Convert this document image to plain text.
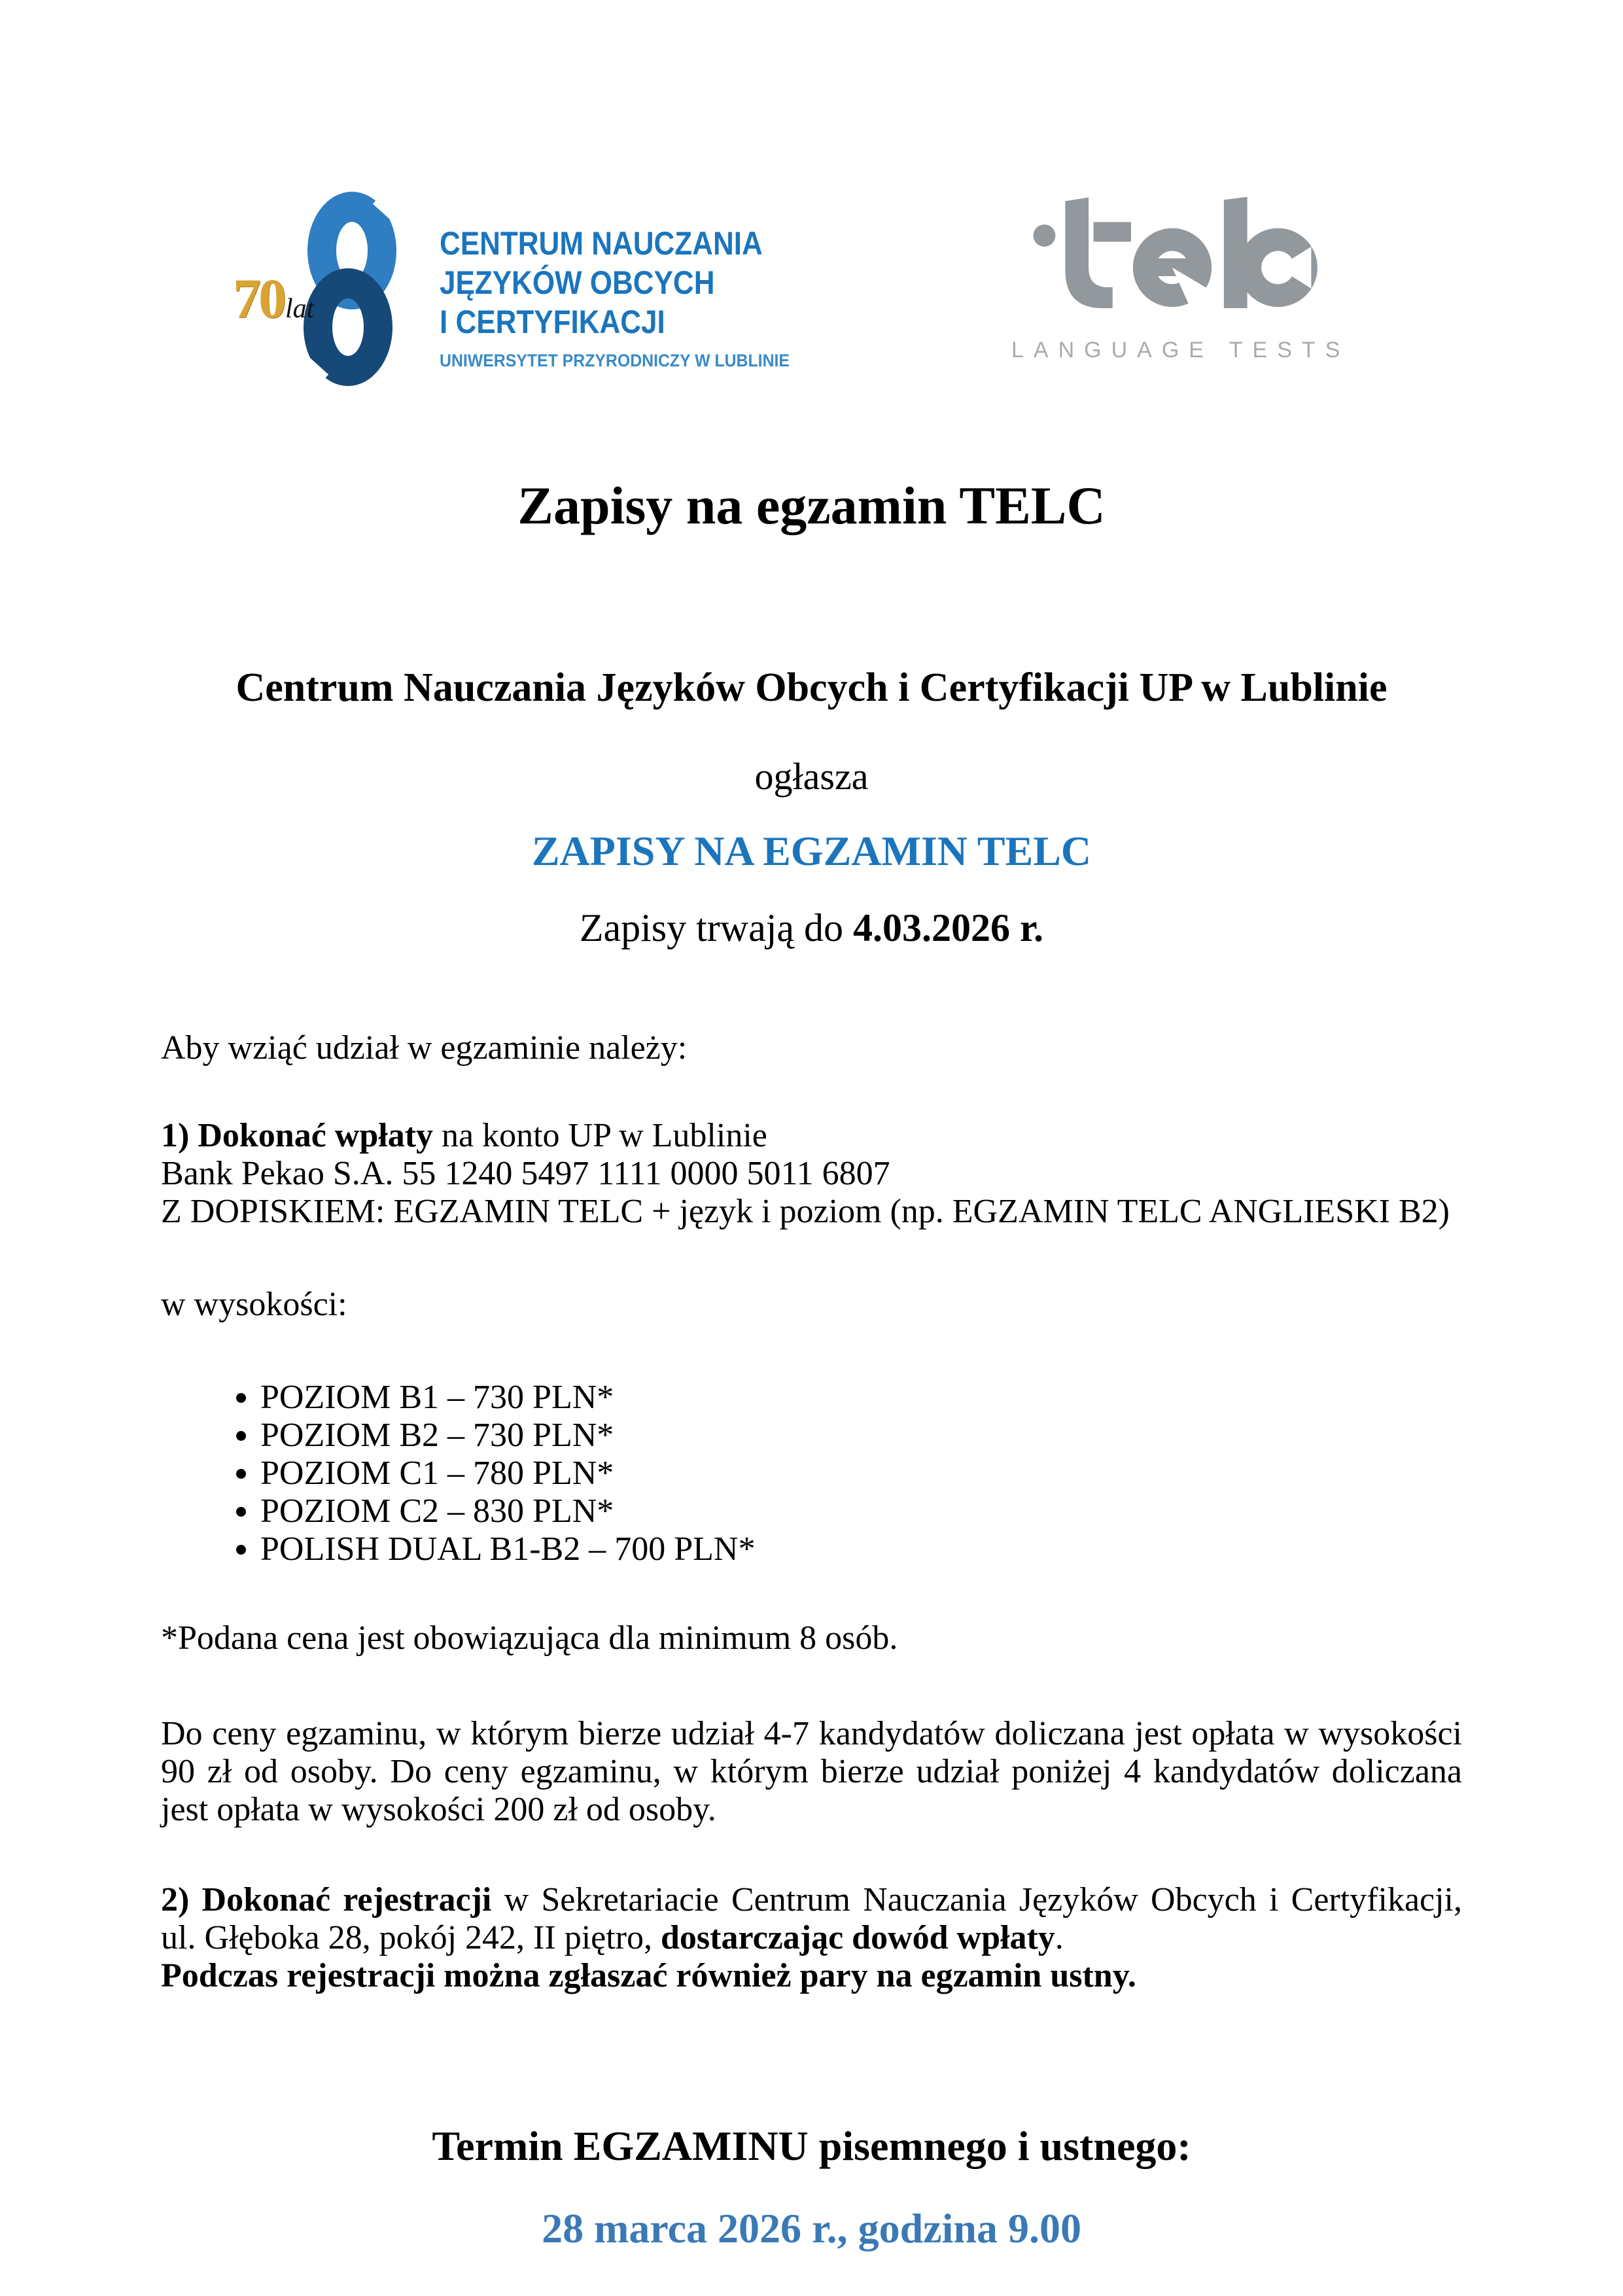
70 lat
CENTRUM NAUCZANIA
JĘZYKÓW OBCYCH
I CERTYFIKACJI
UNIWERSYTET PRZYRODNICZY W LUBLINIE	LANGUAGE TESTS
Zapisy na egzamin TELC
Centrum Nauczania Języków Obcych i Certyfikacji UP w Lublinie
ogłasza
ZAPISY NA EGZAMIN TELC
Zapisy trwają do 4.03.2026 r.

Aby wziąć udział w egzaminie należy:

1) Dokonać wpłaty na konto UP w Lublinie

Bank Pekao S.A. 55 1240 5497 1111 0000 5011 6807

Z DOPISKIEM: EGZAMIN TELC + język i poziom (np. EGZAMIN TELC ANGLIESKI B2)

w wysokości:

• POZIOM B1 – 730 PLN*
• POZIOM B2 – 730 PLN*
• POZIOM C1 – 780 PLN*
• POZIOM C2 – 830 PLN*
• POLISH DUAL B1-B2 – 700 PLN*

*Podana cena jest obowiązująca dla minimum 8 osób.

Do ceny egzaminu, w którym bierze udział 4-7 kandydatów doliczana jest opłata w wysokości 90 zł od osoby. Do ceny egzaminu, w którym bierze udział poniżej 4 kandydatów doliczana jest opłata w wysokości 200 zł od osoby.

2) Dokonać rejestracji w Sekretariacie Centrum Nauczania Języków Obcych i Certyfikacji, ul. Głęboka 28, pokój 242, II piętro, dostarczając dowód wpłaty.
Podczas rejestracji można zgłaszać również pary na egzamin ustny.
Termin EGZAMINU pisemnego i ustnego:
28 marca 2026 r., godzina 9.00
